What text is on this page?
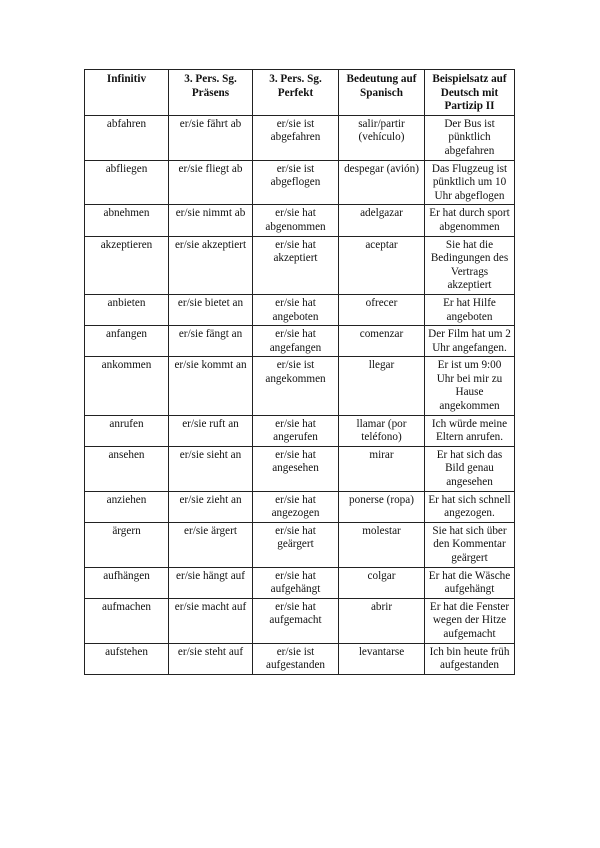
Infinitiv	3. Pers. Sg. Präsens	3. Pers. Sg. Perfekt	Bedeutung auf Spanisch	Beispielsatz auf Deutsch mit Partizip II
abfahren	er/sie fährt ab	er/sie ist abgefahren	salir/partir (vehículo)	Der Bus ist pünktlich abgefahren
abfliegen	er/sie fliegt ab	er/sie ist abgeflogen	despegar (avión)	Das Flugzeug ist pünktlich um 10 Uhr abgeflogen
abnehmen	er/sie nimmt ab	er/sie hat abgenommen	adelgazar	Er hat durch sport abgenommen
akzeptieren	er/sie akzeptiert	er/sie hat akzeptiert	aceptar	Sie hat die Bedingungen des Vertrags akzeptiert
anbieten	er/sie bietet an	er/sie hat angeboten	ofrecer	Er hat Hilfe angeboten
anfangen	er/sie fängt an	er/sie hat angefangen	comenzar	Der Film hat um 2 Uhr angefangen.
ankommen	er/sie kommt an	er/sie ist angekommen	llegar	Er ist um 9:00 Uhr bei mir zu Hause angekommen
anrufen	er/sie ruft an	er/sie hat angerufen	llamar (por teléfono)	Ich würde meine Eltern anrufen.
ansehen	er/sie sieht an	er/sie hat angesehen	mirar	Er hat sich das Bild genau angesehen
anziehen	er/sie zieht an	er/sie hat angezogen	ponerse (ropa)	Er hat sich schnell angezogen.
ärgern	er/sie ärgert	er/sie hat geärgert	molestar	Sie hat sich über den Kommentar geärgert
aufhängen	er/sie hängt auf	er/sie hat aufgehängt	colgar	Er hat die Wäsche aufgehängt
aufmachen	er/sie macht auf	er/sie hat aufgemacht	abrir	Er hat die Fenster wegen der Hitze aufgemacht
aufstehen	er/sie steht auf	er/sie ist aufgestanden	levantarse	Ich bin heute früh aufgestanden
